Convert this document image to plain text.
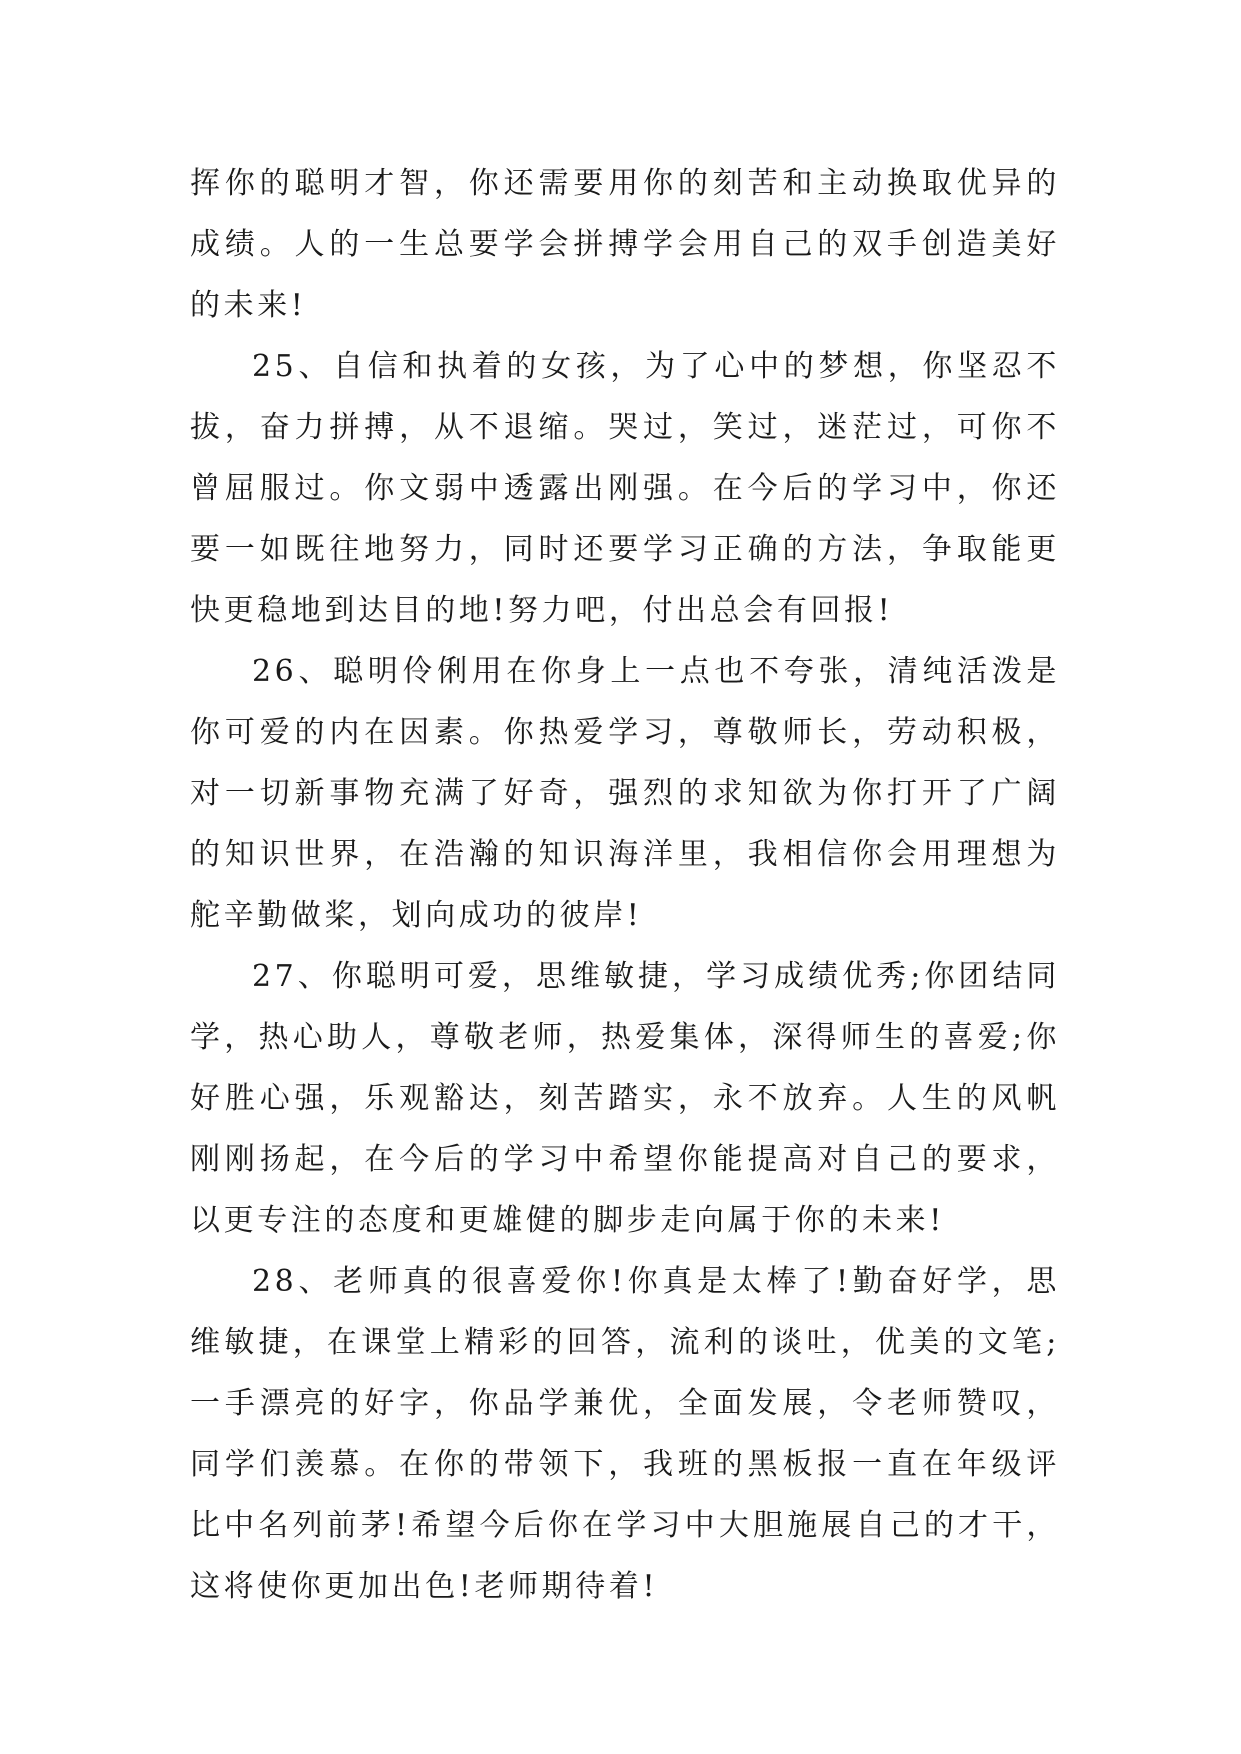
挥你的聪明才智，你还需要用你的刻苦和主动换取优异的成绩。人的一生总要学会拼搏学会用自己的双手创造美好的未来!

25、自信和执着的女孩，为了心中的梦想，你坚忍不拔，奋力拼搏，从不退缩。哭过，笑过，迷茫过，可你不曾屈服过。你文弱中透露出刚强。在今后的学习中，你还要一如既往地努力，同时还要学习正确的方法，争取能更快更稳地到达目的地!努力吧，付出总会有回报!

26、聪明伶俐用在你身上一点也不夸张，清纯活泼是你可爱的内在因素。你热爱学习，尊敬师长，劳动积极，对一切新事物充满了好奇，强烈的求知欲为你打开了广阔的知识世界，在浩瀚的知识海洋里，我相信你会用理想为舵辛勤做桨，划向成功的彼岸!

27、你聪明可爱，思维敏捷，学习成绩优秀;你团结同学，热心助人，尊敬老师，热爱集体，深得师生的喜爱;你好胜心强，乐观豁达，刻苦踏实，永不放弃。人生的风帆刚刚扬起，在今后的学习中希望你能提高对自己的要求，以更专注的态度和更雄健的脚步走向属于你的未来!

28、老师真的很喜爱你!你真是太棒了!勤奋好学，思维敏捷，在课堂上精彩的回答，流利的谈吐，优美的文笔;一手漂亮的好字，你品学兼优，全面发展，令老师赞叹，同学们羡慕。在你的带领下，我班的黑板报一直在年级评比中名列前茅!希望今后你在学习中大胆施展自己的才干，这将使你更加出色!老师期待着!
